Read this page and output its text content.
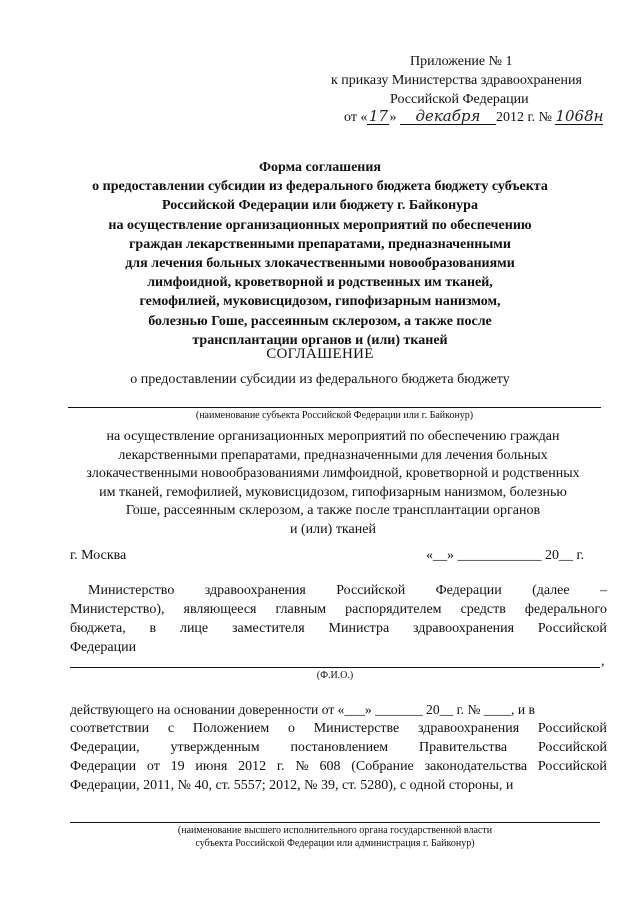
Приложение № 1
к приказу Министерства здравоохранения
Российской Федерации
от «17» декабря 2012 г. № 1068н
Форма соглашения
о предоставлении субсидии из федерального бюджета бюджету субъекта
Российской Федерации или бюджету г. Байконура
на осуществление организационных мероприятий по обеспечению
граждан лекарственными препаратами, предназначенными
для лечения больных злокачественными новообразованиями
лимфоидной, кроветворной и родственных им тканей,
гемофилией, муковисцидозом, гипофизарным нанизмом,
болезнью Гоше, рассеянным склерозом, а также после
трансплантации органов и (или) тканей
СОГЛАШЕНИЕ
о предоставлении субсидии из федерального бюджета бюджету
(наименование субъекта Российской Федерации или г. Байконур)
на осуществление организационных мероприятий по обеспечению граждан
лекарственными препаратами, предназначенными для лечения больных
злокачественными новообразованиями лимфоидной, кроветворной и родственных
им тканей, гемофилией, муковисцидозом, гипофизарным нанизмом, болезнью
Гоше, рассеянным склерозом, а также после трансплантации органов
и (или) тканей
г. Москва	«__» ____________ 20__ г.
Министерство здравоохранения Российской Федерации (далее –
Министерство), являющееся главным распорядителем средств федерального
бюджета, в лице заместителя Министра здравоохранения Российской
Федерации
,
(Ф.И.О.)
действующего на основании доверенности от «___» _______ 20__ г. № ____, и в
соответствии с Положением о Министерстве здравоохранения Российской
Федерации, утвержденным постановлением Правительства Российской
Федерации от 19 июня 2012 г. № 608 (Собрание законодательства Российской
Федерации, 2011, № 40, ст. 5557; 2012, № 39, ст. 5280), с одной стороны, и
(наименование высшего исполнительного органа государственной власти
субъекта Российской Федерации или администрация г. Байконур)
